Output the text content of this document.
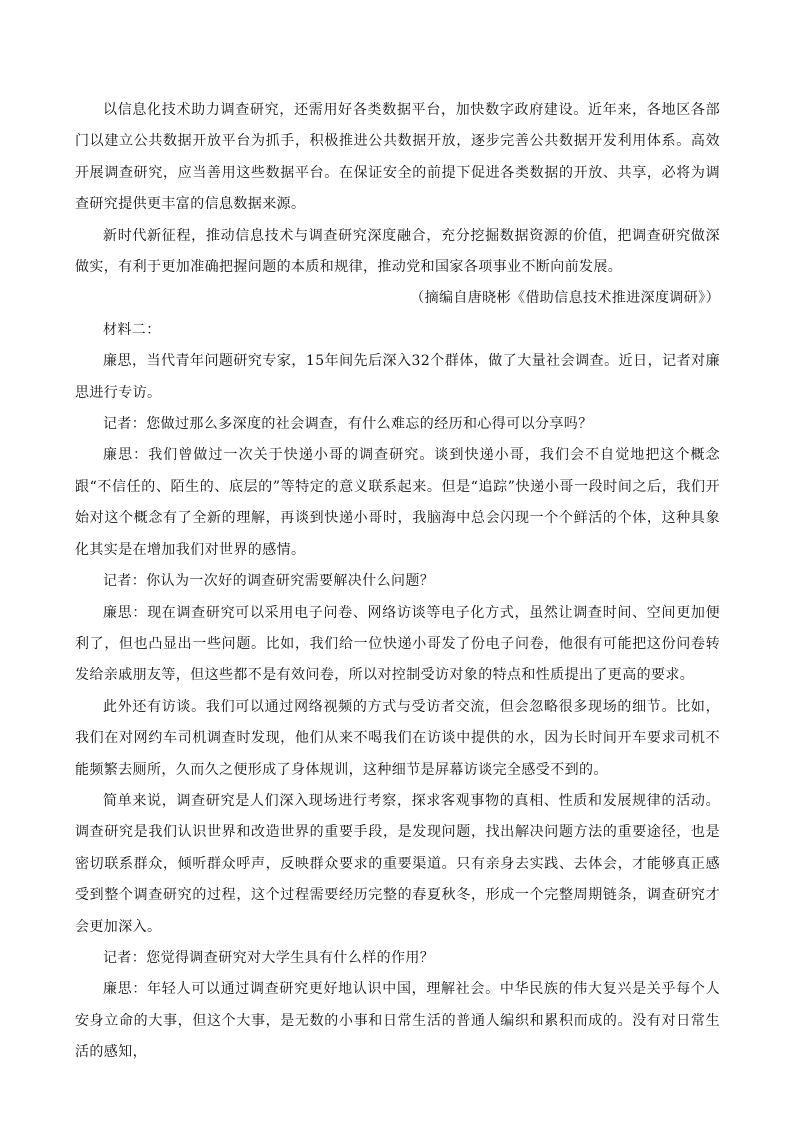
以信息化技术助力调查研究，还需用好各类数据平台，加快数字政府建设。近年来，各地区各部门以建立公共数据开放平台为抓手，积极推进公共数据开放，逐步完善公共数据开发利用体系。高效开展调查研究，应当善用这些数据平台。在保证安全的前提下促进各类数据的开放、共享，必将为调查研究提供更丰富的信息数据来源。

新时代新征程，推动信息技术与调查研究深度融合，充分挖掘数据资源的价值，把调查研究做深做实，有利于更加准确把握问题的本质和规律，推动党和国家各项事业不断向前发展。

（摘编自唐晓彬《借助信息技术推进深度调研》）

材料二：

廉思，当代青年问题研究专家，15年间先后深入32个群体，做了大量社会调查。近日，记者对廉思进行专访。

记者：您做过那么多深度的社会调查，有什么难忘的经历和心得可以分享吗？

廉思：我们曾做过一次关于快递小哥的调查研究。谈到快递小哥，我们会不自觉地把这个概念跟“不信任的、陌生的、底层的”等特定的意义联系起来。但是“追踪”快递小哥一段时间之后，我们开始对这个概念有了全新的理解，再谈到快递小哥时，我脑海中总会闪现一个个鲜活的个体，这种具象化其实是在增加我们对世界的感情。

记者：你认为一次好的调查研究需要解决什么问题？

廉思：现在调查研究可以采用电子问卷、网络访谈等电子化方式，虽然让调查时间、空间更加便利了，但也凸显出一些问题。比如，我们给一位快递小哥发了份电子问卷，他很有可能把这份问卷转发给亲戚朋友等，但这些都不是有效问卷，所以对控制受访对象的特点和性质提出了更高的要求。

此外还有访谈。我们可以通过网络视频的方式与受访者交流，但会忽略很多现场的细节。比如，我们在对网约车司机调查时发现，他们从来不喝我们在访谈中提供的水，因为长时间开车要求司机不能频繁去厕所，久而久之便形成了身体规训，这种细节是屏幕访谈完全感受不到的。

简单来说，调查研究是人们深入现场进行考察，探求客观事物的真相、性质和发展规律的活动。调查研究是我们认识世界和改造世界的重要手段，是发现问题，找出解决问题方法的重要途径，也是密切联系群众，倾听群众呼声，反映群众要求的重要渠道。只有亲身去实践、去体会，才能够真正感受到整个调查研究的过程，这个过程需要经历完整的春夏秋冬，形成一个完整周期链条，调查研究才会更加深入。

记者：您觉得调查研究对大学生具有什么样的作用？

廉思：年轻人可以通过调查研究更好地认识中国，理解社会。中华民族的伟大复兴是关乎每个人安身立命的大事，但这个大事，是无数的小事和日常生活的普通人编织和累积而成的。没有对日常生活的感知，
